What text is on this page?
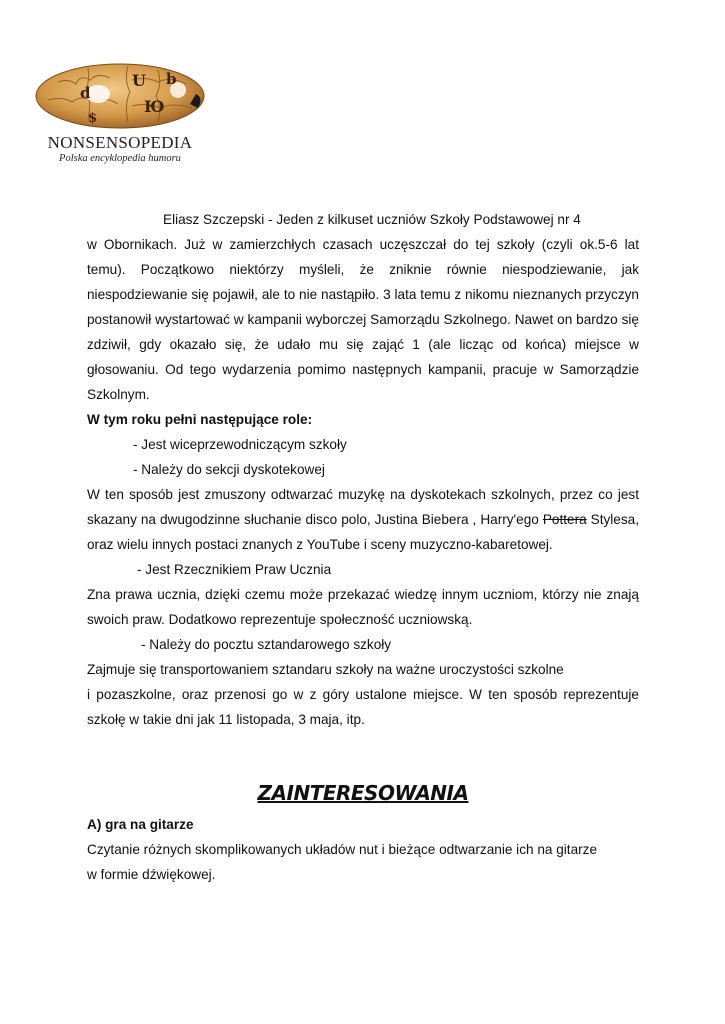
U
Ю
b
d
$
NONSENSOPEDIA
Polska encyklopedia humoru

Eliasz Szczepski - Jeden z kilkuset uczniów Szkoły Podstawowej nr 4

w Obornikach. Już w zamierzchłych czasach uczęszczał do tej szkoły (czyli ok.5-6 lat

temu). Początkowo niektórzy myśleli, że zniknie równie niespodziewanie, jak niespodziewanie się pojawił, ale to nie nastąpiło. 3 lata temu z nikomu nieznanych przyczyn postanowił wystartować w kampanii wyborczej Samorządu Szkolnego. Nawet on bardzo się zdziwił, gdy okazało się, że udało mu się zająć 1 (ale licząc od końca) miejsce w głosowaniu. Od tego wydarzenia pomimo następnych kampanii, pracuje w Samorządzie Szkolnym.

W tym roku pełni następujące role:

- Jest wiceprzewodniczącym szkoły

- Należy do sekcji dyskotekowej

W ten sposób jest zmuszony odtwarzać muzykę na dyskotekach szkolnych, przez co jest skazany na dwugodzinne słuchanie disco polo, Justina Biebera , Harry'ego Pottera Stylesa, oraz wielu innych postaci znanych z YouTube i sceny muzyczno-kabaretowej.

- Jest Rzecznikiem Praw Ucznia

Zna prawa ucznia, dzięki czemu może przekazać wiedzę innym uczniom, którzy nie znają swoich praw. Dodatkowo reprezentuje społeczność uczniowską.

- Należy do pocztu sztandarowego szkoły

Zajmuje się transportowaniem sztandaru szkoły na ważne uroczystości szkolne

i pozaszkolne, oraz przenosi go w z góry ustalone miejsce. W ten sposób reprezentuje

szkołę w takie dni jak 11 listopada, 3 maja, itp.

ZAINTERESOWANIA

A) gra na gitarze

Czytanie różnych skomplikowanych układów nut i bieżące odtwarzanie ich na gitarze

w formie dźwiękowej.
